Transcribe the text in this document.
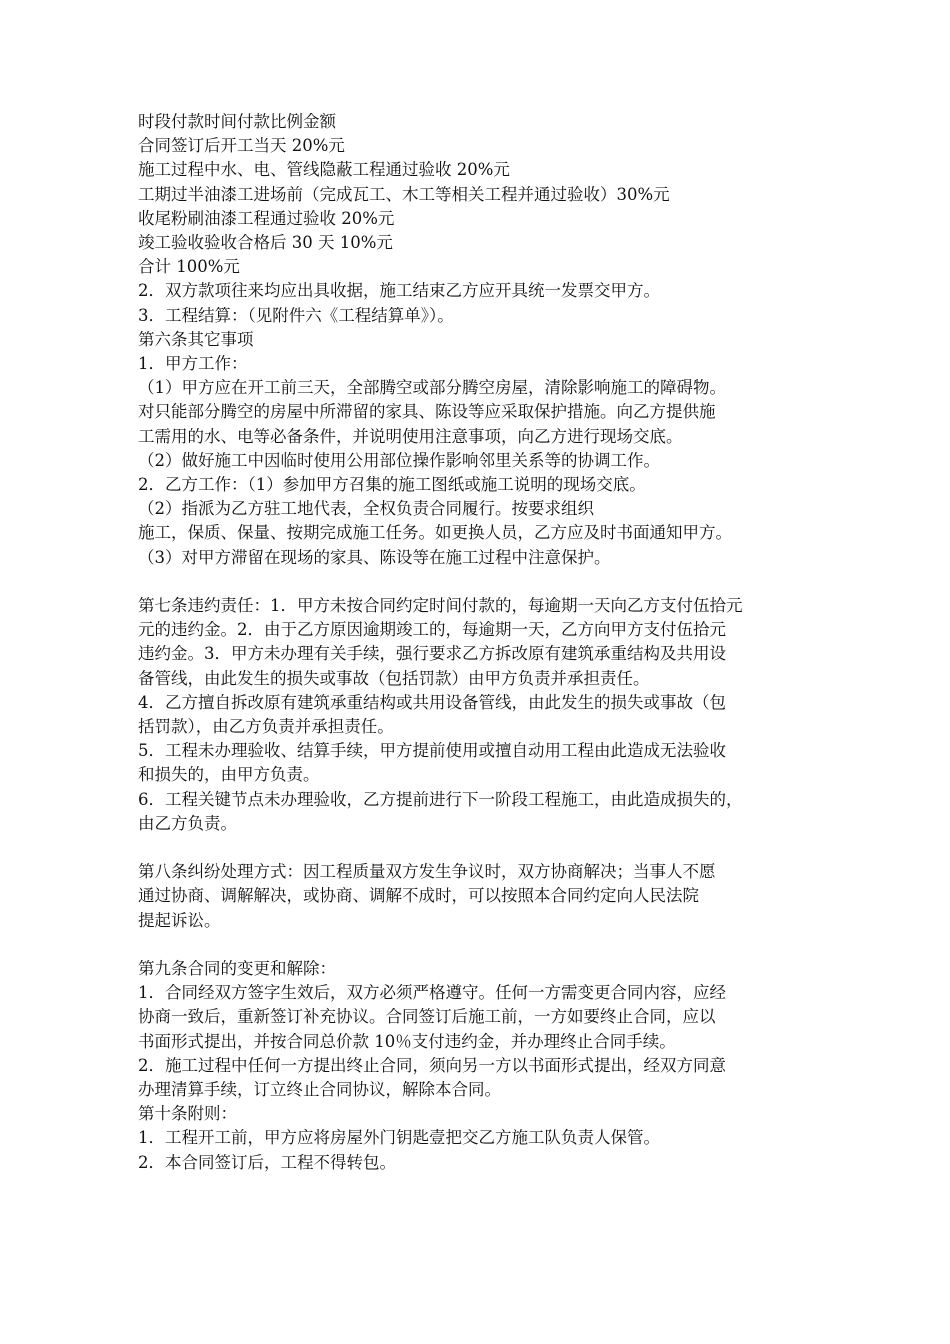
时段付款时间付款比例金额
合同签订后开工当天 20%元
施工过程中水、电、管线隐蔽工程通过验收 20%元
工期过半油漆工进场前（完成瓦工、木工等相关工程并通过验收）30%元
收尾粉刷油漆工程通过验收 20%元
竣工验收验收合格后 30 天 10%元
合计 100%元
2．双方款项往来均应出具收据，施工结束乙方应开具统一发票交甲方。
3．工程结算：（见附件六《工程结算单》）。
第六条其它事项
1．甲方工作：
（1）甲方应在开工前三天，全部腾空或部分腾空房屋，清除影响施工的障碍物。
对只能部分腾空的房屋中所滞留的家具、陈设等应采取保护措施。向乙方提供施
工需用的水、电等必备条件，并说明使用注意事项，向乙方进行现场交底。
（2）做好施工中因临时使用公用部位操作影响邻里关系等的协调工作。
2．乙方工作：（1）参加甲方召集的施工图纸或施工说明的现场交底。
（2）指派为乙方驻工地代表，全权负责合同履行。按要求组织
施工，保质、保量、按期完成施工任务。如更换人员，乙方应及时书面通知甲方。
（3）对甲方滞留在现场的家具、陈设等在施工过程中注意保护。
第七条违约责任：1．甲方未按合同约定时间付款的，每逾期一天向乙方支付伍拾元
元的违约金。2．由于乙方原因逾期竣工的，每逾期一天，乙方向甲方支付伍拾元
违约金。3．甲方未办理有关手续，强行要求乙方拆改原有建筑承重结构及共用设
备管线，由此发生的损失或事故（包括罚款）由甲方负责并承担责任。
4．乙方擅自拆改原有建筑承重结构或共用设备管线，由此发生的损失或事故（包
括罚款），由乙方负责并承担责任。
5．工程未办理验收、结算手续，甲方提前使用或擅自动用工程由此造成无法验收
和损失的，由甲方负责。
6．工程关键节点未办理验收，乙方提前进行下一阶段工程施工，由此造成损失的，
由乙方负责。
第八条纠纷处理方式：因工程质量双方发生争议时，双方协商解决；当事人不愿
通过协商、调解解决，或协商、调解不成时，可以按照本合同约定向人民法院
提起诉讼。
第九条合同的变更和解除：
1．合同经双方签字生效后，双方必须严格遵守。任何一方需变更合同内容，应经
协商一致后，重新签订补充协议。合同签订后施工前，一方如要终止合同，应以
书面形式提出，并按合同总价款 10％支付违约金，并办理终止合同手续。
2．施工过程中任何一方提出终止合同，须向另一方以书面形式提出，经双方同意
办理清算手续，订立终止合同协议，解除本合同。
第十条附则：
1．工程开工前，甲方应将房屋外门钥匙壹把交乙方施工队负责人保管。
2．本合同签订后，工程不得转包。
